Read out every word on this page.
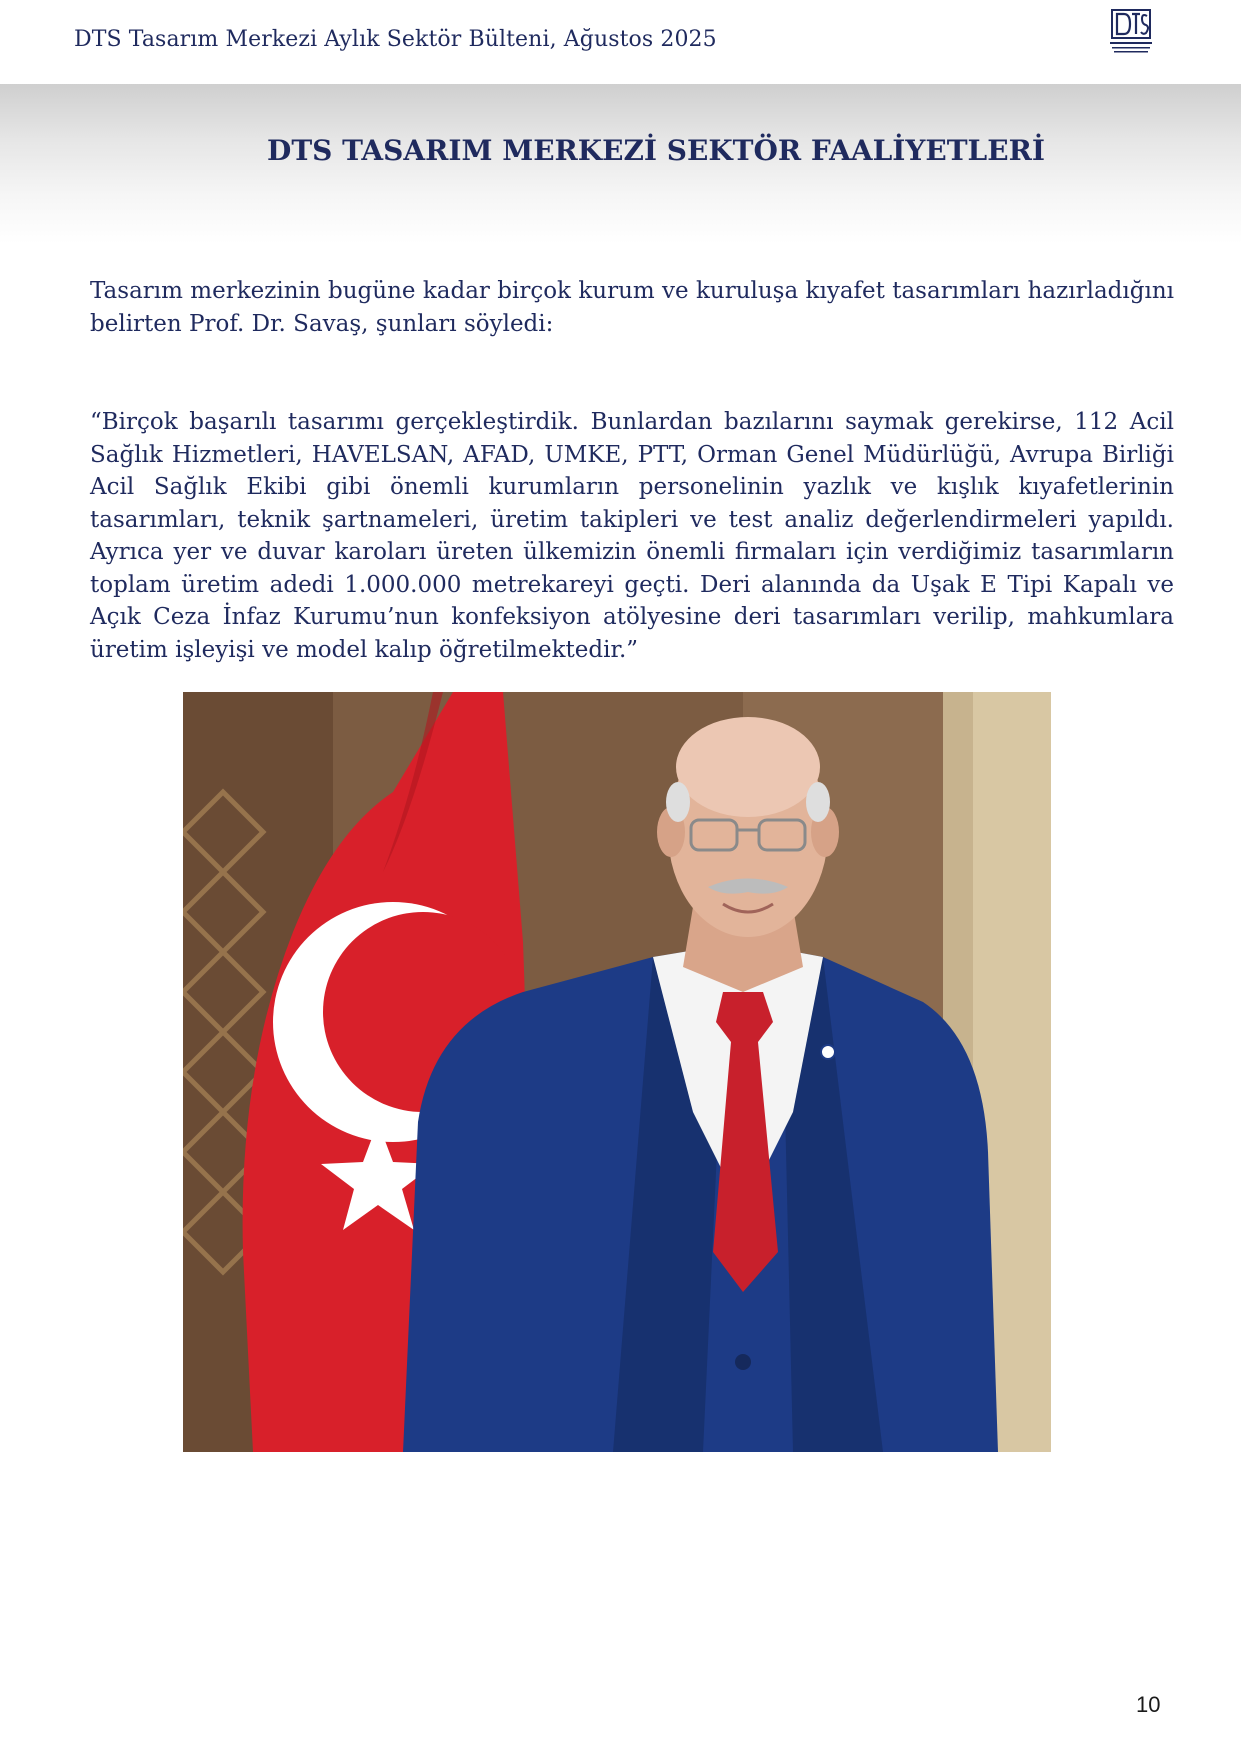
DTS Tasarım Merkezi Aylık Sektör Bülteni, Ağustos 2025
DTS TASARIM MERKEZİ SEKTÖR FAALİYETLERİ

Tasarım merkezinin bugüne kadar birçok kurum ve kuruluşa kıyafet tasarımları hazırladığını belirten Prof. Dr. Savaş, şunları söyledi:

“Birçok başarılı tasarımı gerçekleştirdik. Bunlardan bazılarını saymak gerekirse, 112 Acil Sağlık Hizmetleri, HAVELSAN, AFAD, UMKE, PTT, Orman Genel Müdürlüğü, Avrupa Birliği Acil Sağlık Ekibi gibi önemli kurumların personelinin yazlık ve kışlık kıyafetlerinin tasarımları, teknik şartnameleri, üretim takipleri ve test analiz değerlendirmeleri yapıldı. Ayrıca yer ve duvar karoları üreten ülkemizin önemli firmaları için verdiğimiz tasarımların toplam üretim adedi 1.000.000 metrekareyi geçti. Deri alanında da Uşak E Tipi Kapalı ve Açık Ceza İnfaz Kurumu’nun konfeksiyon atölyesine deri tasarımları verilip, mahkumlara üretim işleyişi ve model kalıp öğretilmektedir.”

10
